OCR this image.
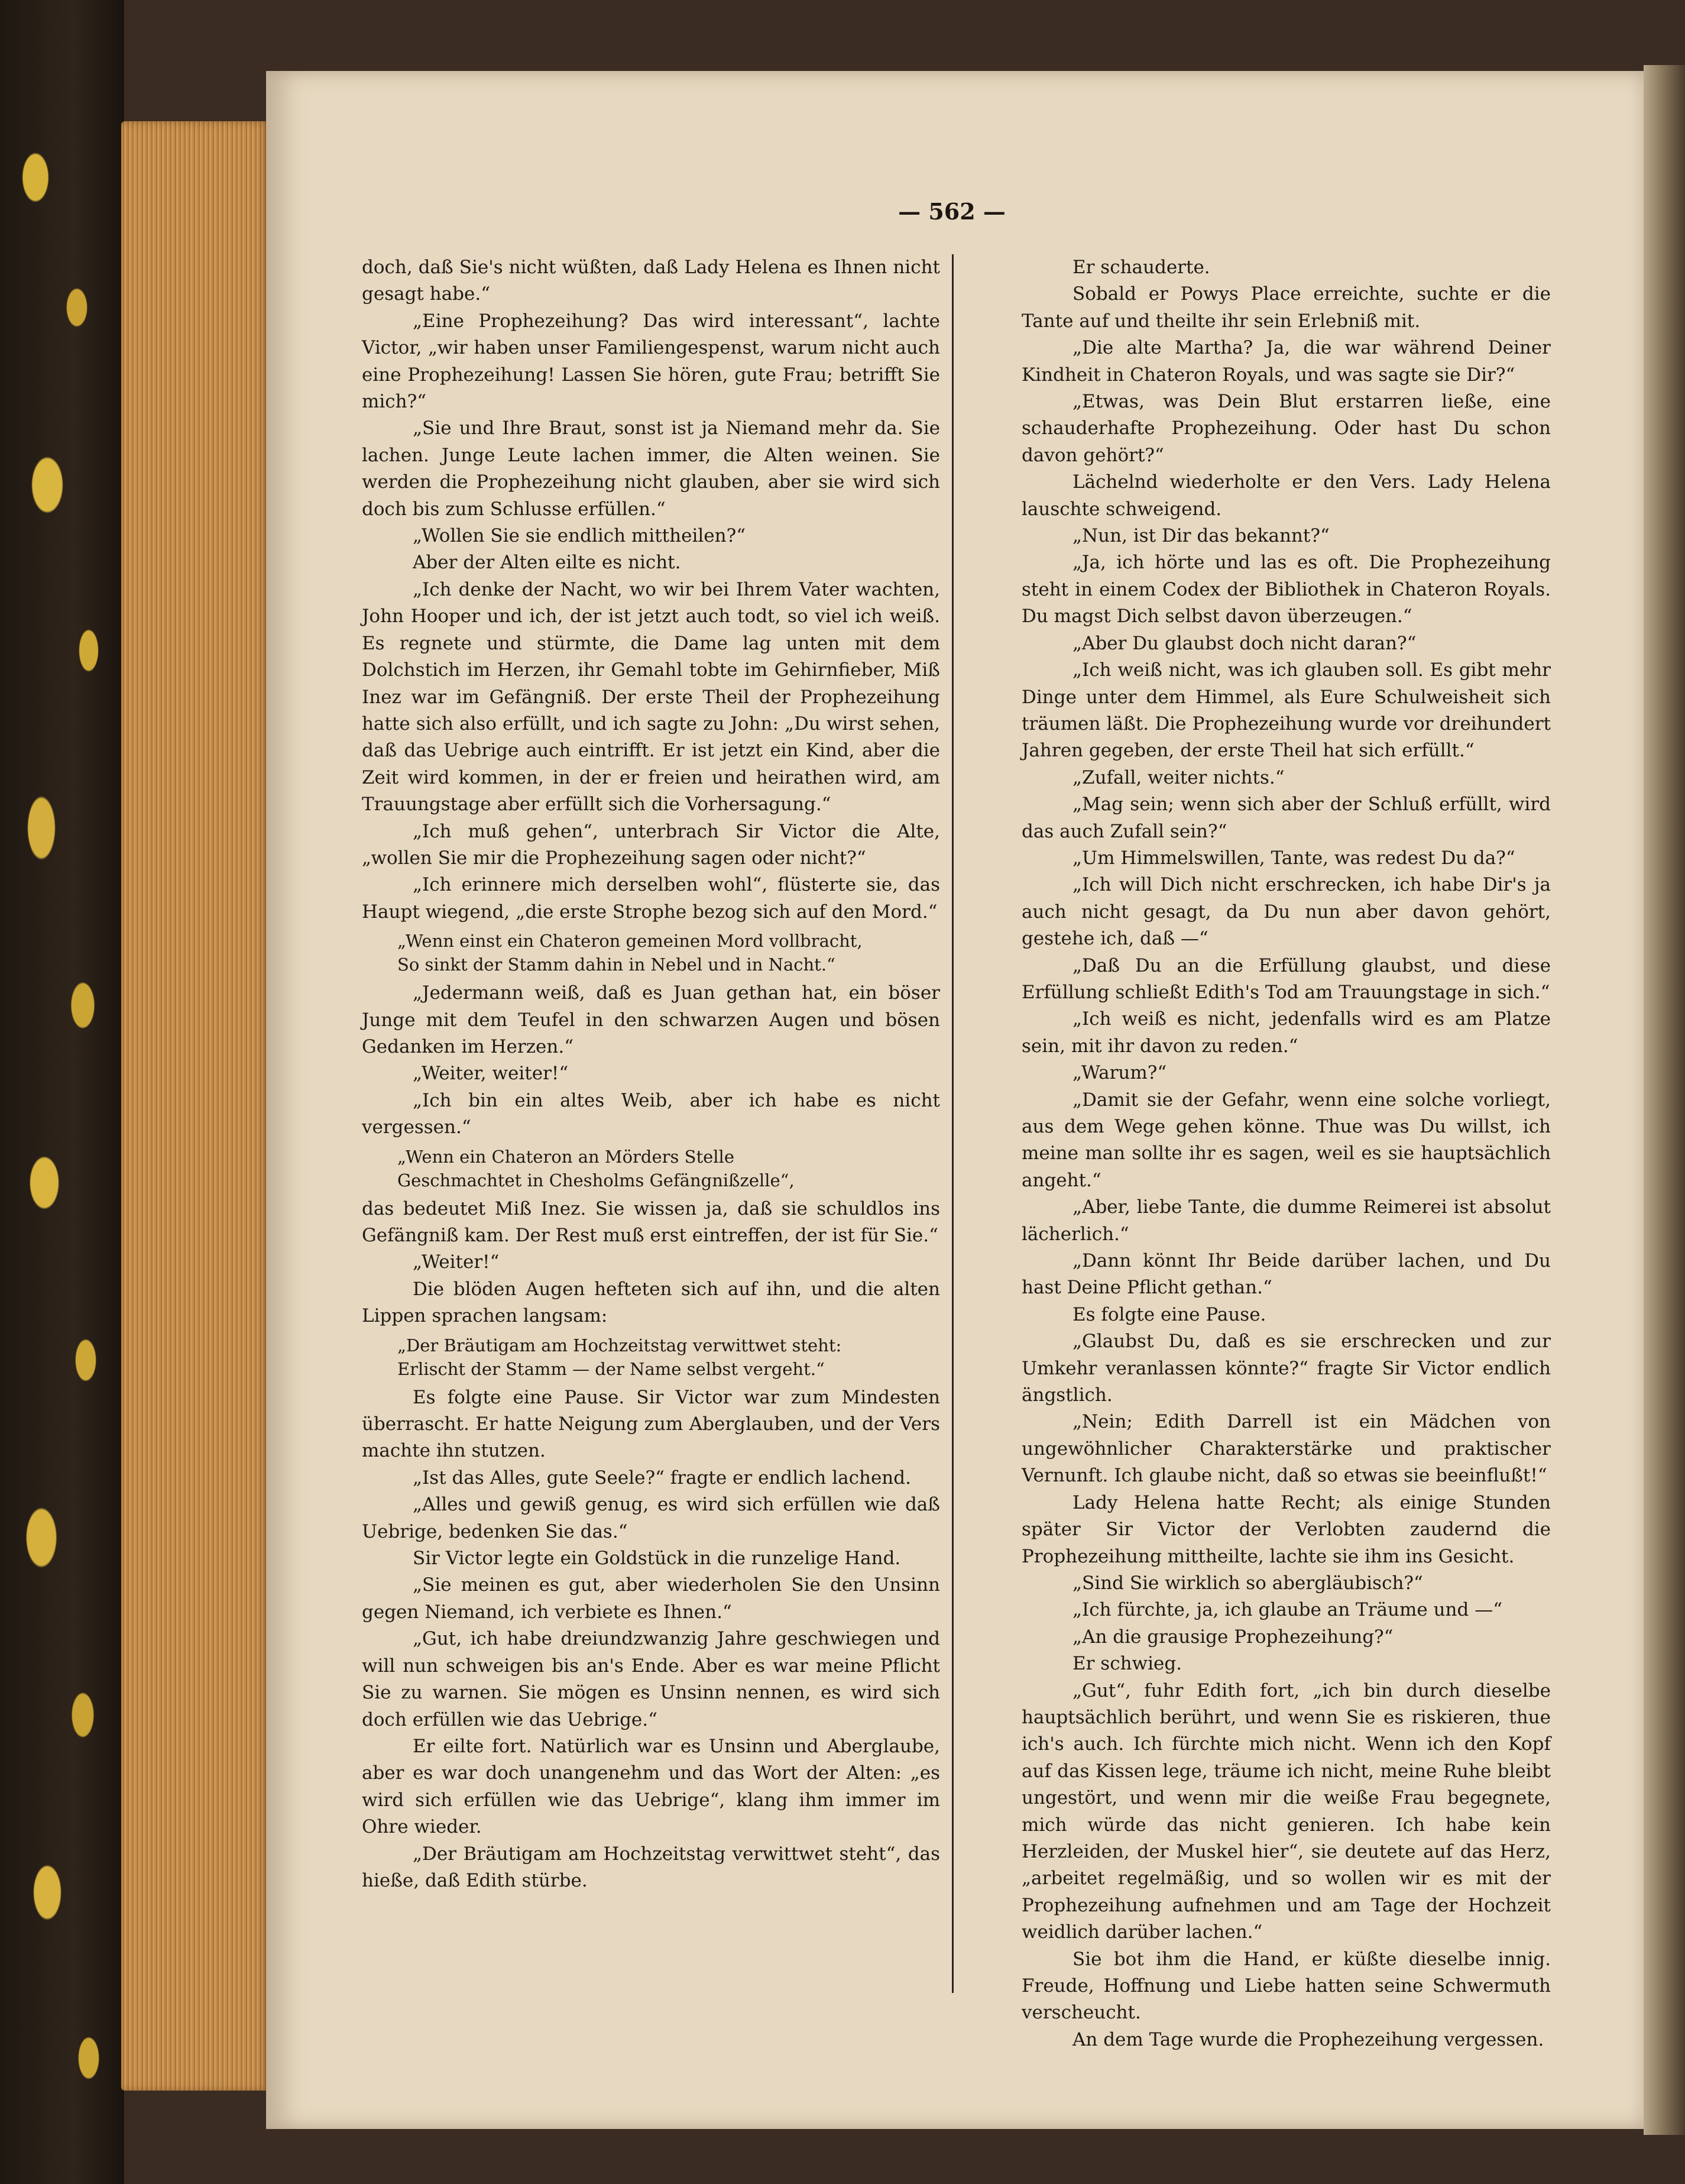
— 562 —

doch, daß Sie's nicht wüßten, daß Lady Helena es Ihnen nicht gesagt habe.“

„Eine Prophezeihung? Das wird interessant“, lachte Victor, „wir haben unser Familiengespenst, warum nicht auch eine Prophezeihung! Lassen Sie hören, gute Frau; betrifft Sie mich?“

„Sie und Ihre Braut, sonst ist ja Niemand mehr da. Sie lachen. Junge Leute lachen immer, die Alten weinen. Sie werden die Prophezeihung nicht glauben, aber sie wird sich doch bis zum Schlusse erfüllen.“

„Wollen Sie sie endlich mittheilen?“

Aber der Alten eilte es nicht.

„Ich denke der Nacht, wo wir bei Ihrem Vater wachten, John Hooper und ich, der ist jetzt auch todt, so viel ich weiß. Es regnete und stürmte, die Dame lag unten mit dem Dolchstich im Herzen, ihr Gemahl tobte im Gehirnfieber, Miß Inez war im Gefängniß. Der erste Theil der Prophezeihung hatte sich also erfüllt, und ich sagte zu John: „Du wirst sehen, daß das Uebrige auch eintrifft. Er ist jetzt ein Kind, aber die Zeit wird kommen, in der er freien und heirathen wird, am Trauungstage aber erfüllt sich die Vorhersagung.“

„Ich muß gehen“, unterbrach Sir Victor die Alte, „wollen Sie mir die Prophezeihung sagen oder nicht?“

„Ich erinnere mich derselben wohl“, flüsterte sie, das Haupt wiegend, „die erste Strophe bezog sich auf den Mord.“

„Wenn einst ein Chateron gemeinen Mord vollbracht,
So sinkt der Stamm dahin in Nebel und in Nacht.“

„Jedermann weiß, daß es Juan gethan hat, ein böser Junge mit dem Teufel in den schwarzen Augen und bösen Gedanken im Herzen.“

„Weiter, weiter!“

„Ich bin ein altes Weib, aber ich habe es nicht vergessen.“

„Wenn ein Chateron an Mörders Stelle
Geschmachtet in Chesholms Gefängnißzelle“,

das bedeutet Miß Inez. Sie wissen ja, daß sie schuldlos ins Gefängniß kam. Der Rest muß erst eintreffen, der ist für Sie.“

„Weiter!“

Die blöden Augen hefteten sich auf ihn, und die alten Lippen sprachen langsam:

„Der Bräutigam am Hochzeitstag verwittwet steht:
Erlischt der Stamm — der Name selbst vergeht.“

Es folgte eine Pause. Sir Victor war zum Mindesten überrascht. Er hatte Neigung zum Aberglauben, und der Vers machte ihn stutzen.

„Ist das Alles, gute Seele?“ fragte er endlich lachend.

„Alles und gewiß genug, es wird sich erfüllen wie daß Uebrige, bedenken Sie das.“

Sir Victor legte ein Goldstück in die runzelige Hand.

„Sie meinen es gut, aber wiederholen Sie den Unsinn gegen Niemand, ich verbiete es Ihnen.“

„Gut, ich habe dreiundzwanzig Jahre geschwiegen und will nun schweigen bis an's Ende. Aber es war meine Pflicht Sie zu warnen. Sie mögen es Unsinn nennen, es wird sich doch erfüllen wie das Uebrige.“

Er eilte fort. Natürlich war es Unsinn und Aberglaube, aber es war doch unangenehm und das Wort der Alten: „es wird sich erfüllen wie das Uebrige“, klang ihm immer im Ohre wieder.

„Der Bräutigam am Hochzeitstag verwittwet steht“, das hieße, daß Edith stürbe.

Er schauderte.

Sobald er Powys Place erreichte, suchte er die Tante auf und theilte ihr sein Erlebniß mit.

„Die alte Martha? Ja, die war während Deiner Kindheit in Chateron Royals, und was sagte sie Dir?“

„Etwas, was Dein Blut erstarren ließe, eine schauderhafte Prophezeihung. Oder hast Du schon davon gehört?“

Lächelnd wiederholte er den Vers. Lady Helena lauschte schweigend.

„Nun, ist Dir das bekannt?“

„Ja, ich hörte und las es oft. Die Prophezeihung steht in einem Codex der Bibliothek in Chateron Royals. Du magst Dich selbst davon überzeugen.“

„Aber Du glaubst doch nicht daran?“

„Ich weiß nicht, was ich glauben soll. Es gibt mehr Dinge unter dem Himmel, als Eure Schulweisheit sich träumen läßt. Die Prophezeihung wurde vor dreihundert Jahren gegeben, der erste Theil hat sich erfüllt.“

„Zufall, weiter nichts.“

„Mag sein; wenn sich aber der Schluß erfüllt, wird das auch Zufall sein?“

„Um Himmelswillen, Tante, was redest Du da?“

„Ich will Dich nicht erschrecken, ich habe Dir's ja auch nicht gesagt, da Du nun aber davon gehört, gestehe ich, daß —“

„Daß Du an die Erfüllung glaubst, und diese Erfüllung schließt Edith's Tod am Trauungstage in sich.“

„Ich weiß es nicht, jedenfalls wird es am Platze sein, mit ihr davon zu reden.“

„Warum?“

„Damit sie der Gefahr, wenn eine solche vorliegt, aus dem Wege gehen könne. Thue was Du willst, ich meine man sollte ihr es sagen, weil es sie hauptsächlich angeht.“

„Aber, liebe Tante, die dumme Reimerei ist absolut lächerlich.“

„Dann könnt Ihr Beide darüber lachen, und Du hast Deine Pflicht gethan.“

Es folgte eine Pause.

„Glaubst Du, daß es sie erschrecken und zur Umkehr veranlassen könnte?“ fragte Sir Victor endlich ängstlich.

„Nein; Edith Darrell ist ein Mädchen von ungewöhnlicher Charakterstärke und praktischer Vernunft. Ich glaube nicht, daß so etwas sie beeinflußt!“

Lady Helena hatte Recht; als einige Stunden später Sir Victor der Verlobten zaudernd die Prophezeihung mittheilte, lachte sie ihm ins Gesicht.

„Sind Sie wirklich so abergläubisch?“

„Ich fürchte, ja, ich glaube an Träume und —“

„An die grausige Prophezeihung?“

Er schwieg.

„Gut“, fuhr Edith fort, „ich bin durch dieselbe hauptsächlich berührt, und wenn Sie es riskieren, thue ich's auch. Ich fürchte mich nicht. Wenn ich den Kopf auf das Kissen lege, träume ich nicht, meine Ruhe bleibt ungestört, und wenn mir die weiße Frau begegnete, mich würde das nicht genieren. Ich habe kein Herzleiden, der Muskel hier“, sie deutete auf das Herz, „arbeitet regelmäßig, und so wollen wir es mit der Prophezeihung aufnehmen und am Tage der Hochzeit weidlich darüber lachen.“

Sie bot ihm die Hand, er küßte dieselbe innig. Freude, Hoffnung und Liebe hatten seine Schwermuth verscheucht.

An dem Tage wurde die Prophezeihung vergessen.
